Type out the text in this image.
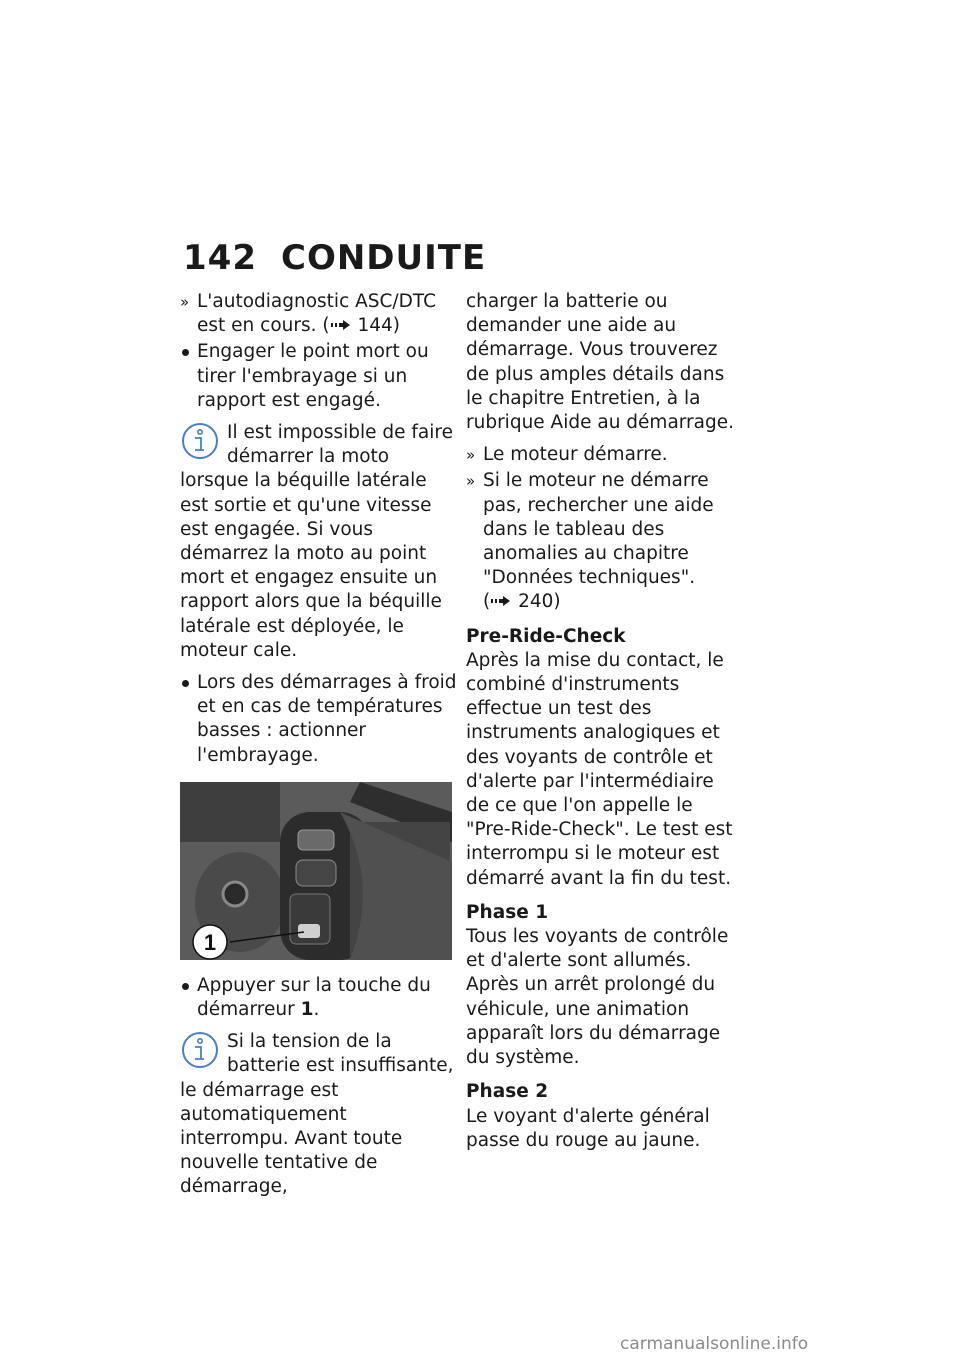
142 CONDUITE
» L'autodiagnostic ASC/DTC est en cours. ( 144)
Engager le point mort ou tirer l'embrayage si un rapport est engagé.
Il est impossible de faire démarrer la moto lorsque la béquille latérale est sortie et qu'une vitesse est engagée. Si vous démarrez la moto au point mort et engagez ensuite un rapport alors que la béquille latérale est déployée, le moteur cale.
Lors des démarrages à froid et en cas de températures basses : actionner l'embrayage.
1
Appuyer sur la touche du démarreur 1.
Si la tension de la batterie est insuffisante, le démarrage est automatiquement interrompu. Avant toute nouvelle tentative de démarrage,

charger la batterie ou demander une aide au démarrage. Vous trouverez de plus amples détails dans le chapitre Entretien, à la rubrique Aide au démarrage.

» Le moteur démarre.
» Si le moteur ne démarre pas, rechercher une aide dans le tableau des anomalies au chapitre "Données techniques". ( 240)
Pre-Ride-Check

Après la mise du contact, le combiné d'instruments effectue un test des instruments analogiques et des voyants de contrôle et d'alerte par l'intermédiaire de ce que l'on appelle le "Pre-Ride-Check". Le test est interrompu si le moteur est démarré avant la fin du test.

Phase 1

Tous les voyants de contrôle et d'alerte sont allumés.

Après un arrêt prolongé du véhicule, une animation apparaît lors du démarrage du système.

Phase 2

Le voyant d'alerte général passe du rouge au jaune.

carmanualsonline.info
